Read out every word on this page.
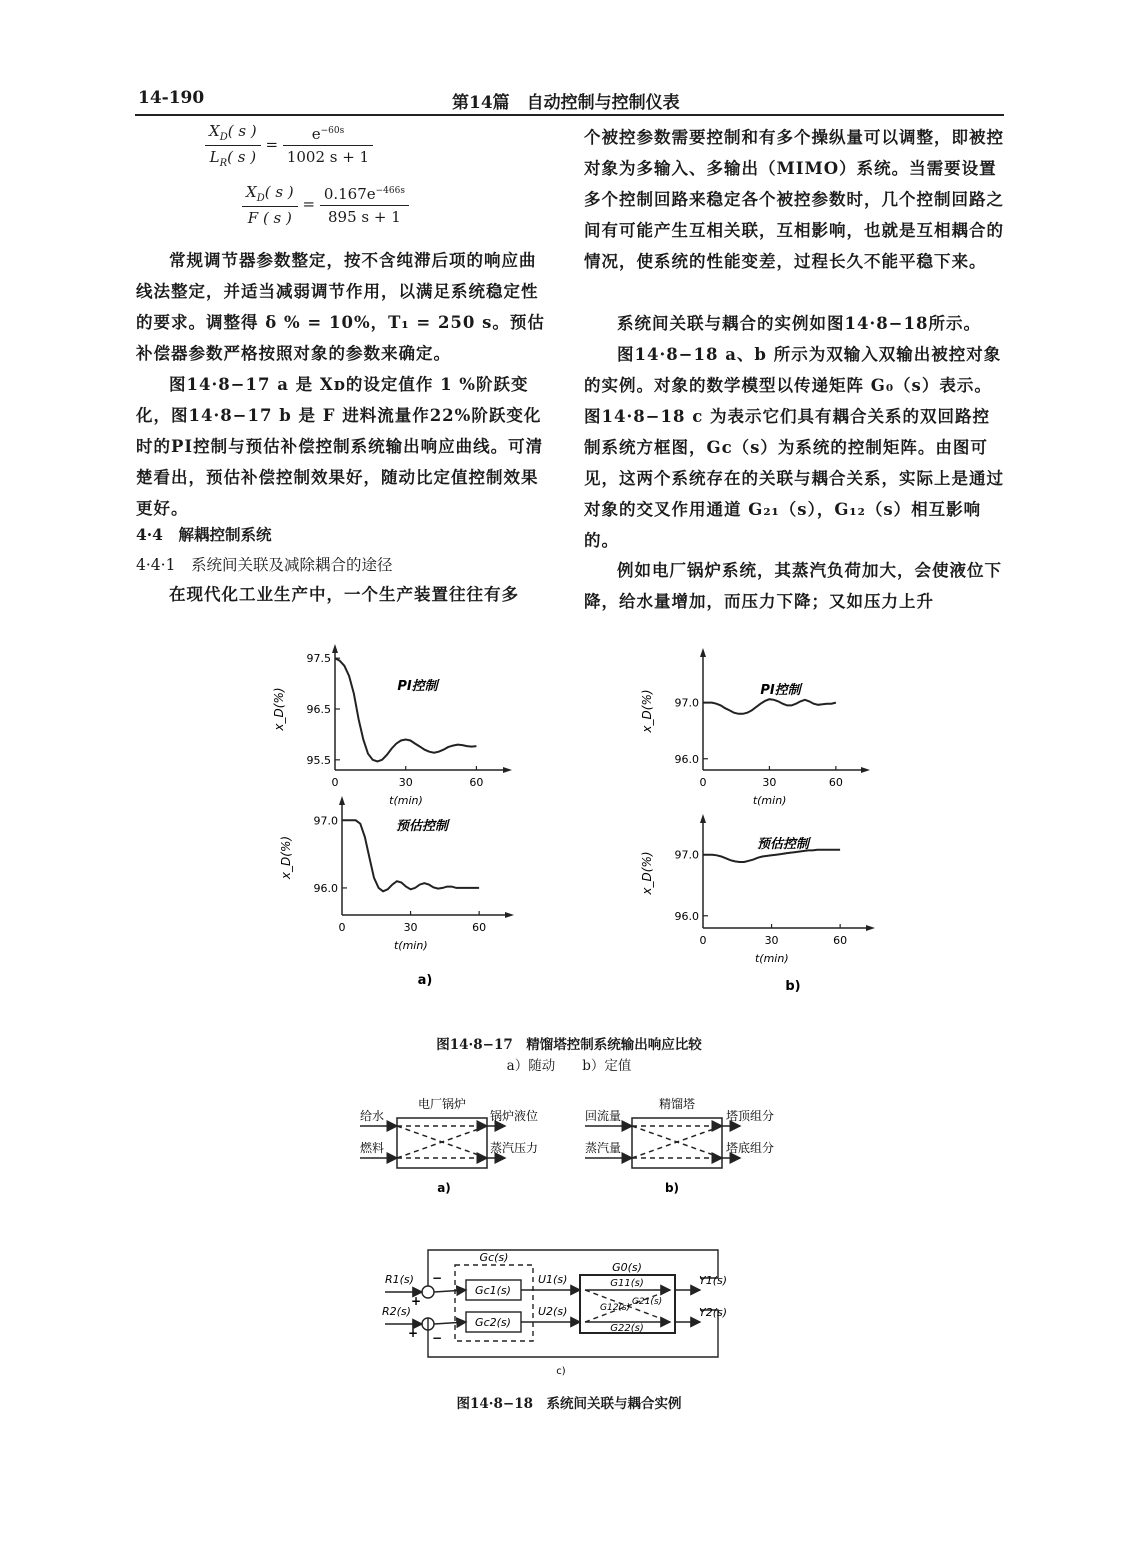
14-190	第14篇　自动控制与控制仪表
$\frac{X_D( s )}{L_R( s )} = \frac{e^{-60s}}{1002 s + 1}$
$\frac{X_D( s )}{F ( s )} = \frac{0.167e^{-466s}}{895 s + 1}$

常规调节器参数整定，按不含纯滞后项的响应曲线法整定，并适当减弱调节作用，以满足系统稳定性的要求。调整得 δ % = 10%，T₁ = 250 s。预估补偿器参数严格按照对象的参数来确定。

图14·8−17 a 是 Xᴅ的设定值作 1 %阶跃变化，图14·8−17 b 是 F 进料流量作22%阶跃变化时的PI控制与预估补偿控制系统输出响应曲线。可清楚看出，预估补偿控制效果好，随动比定值控制效果更好。

4·4　解耦控制系统
4·4·1　系统间关联及减除耦合的途径

在现代化工业生产中，一个生产装置往往有多

个被控参数需要控制和有多个操纵量可以调整，即被控对象为多输入、多输出（MIMO）系统。当需要设置多个控制回路来稳定各个被控参数时，几个控制回路之间有可能产生互相关联，互相影响，也就是互相耦合的情况，使系统的性能变差，过程长久不能平稳下来。

系统间关联与耦合的实例如图14·8−18所示。

图14·8−18 a、b 所示为双输入双输出被控对象的实例。对象的数学模型以传递矩阵 G₀（s）表示。图14·8−18 c 为表示它们具有耦合关系的双回路控制系统方框图，Gᴄ（s）为系统的控制矩阵。由图可见，这两个系统存在的关联与耦合关系，实际上是通过对象的交叉作用通道 G₂₁（s），G₁₂（s）相互影响的。

例如电厂锅炉系统，其蒸汽负荷加大，会使液位下降，给水量增加，而压力下降；又如压力上升

97.5
96.5
95.5
0	30	60
PI控制
t(min)
x_D(%)
97.0
96.0
0	30	60
预估控制
t(min)
x_D(%)
97.0
96.0
0	30	60
PI控制
t(min)
x_D(%)
97.0
96.0
0	30	60
预估控制
t(min)
x_D(%)
a)	b)
图14·8−17　精馏塔控制系统输出响应比较
a）随动　　b）定值
电厂锅炉
给水
燃料
锅炉液位
蒸汽压力
a)
精馏塔
回流量
蒸汽量
塔顶组分
塔底组分
b)
Gc(s)
Gc1(s)
Gc2(s)
U1(s)
U2(s)
G0(s)
G11(s)
G22(s)
G12(s)
G21(s)
R1(s)
R2(s)
Y1(s)
Y2(s)
−
+
−
+
c)
图14·8−18　系统间关联与耦合实例
